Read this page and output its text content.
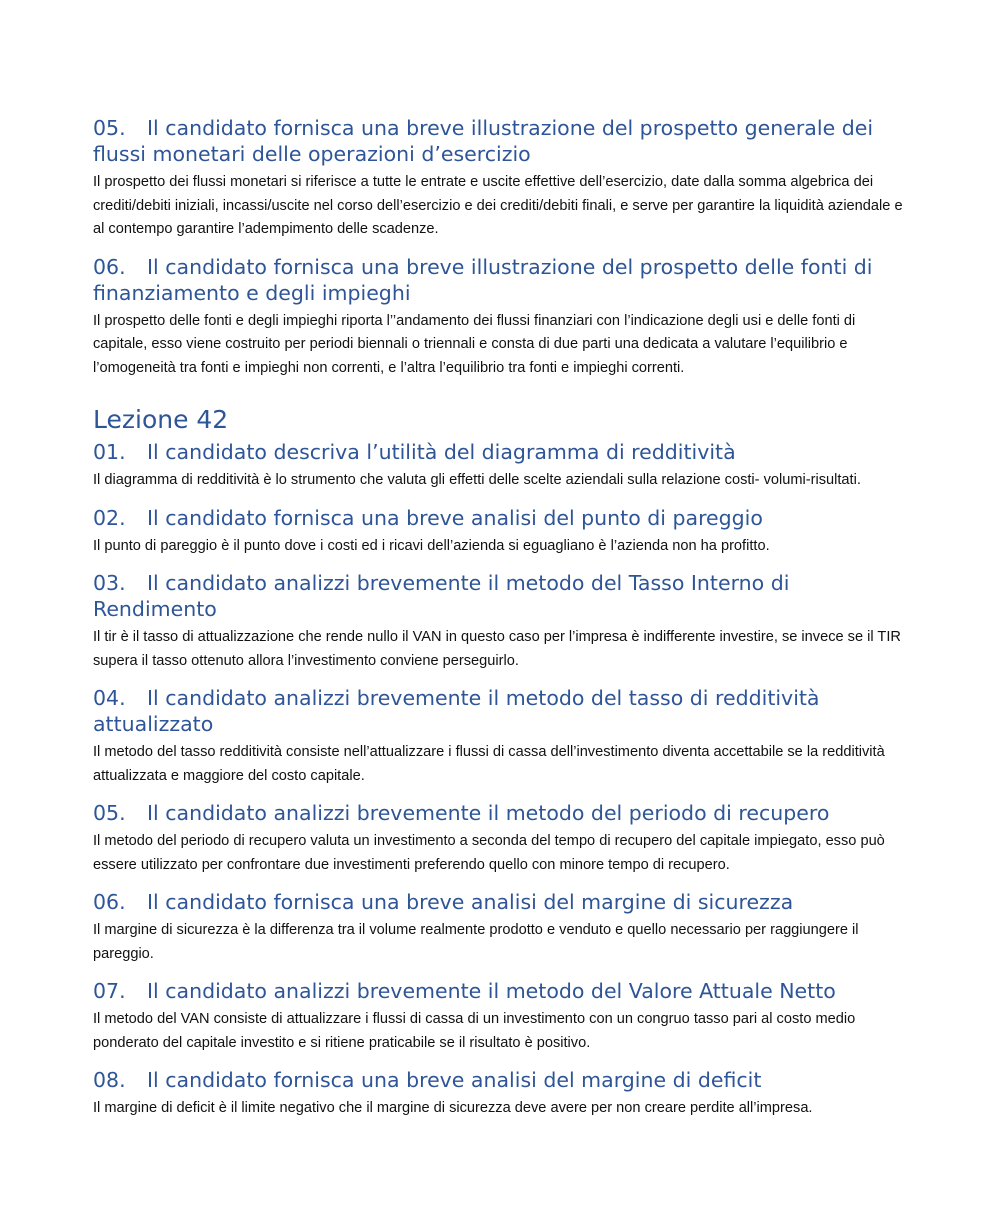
05. Il candidato fornisca una breve illustrazione del prospetto generale dei flussi monetari delle operazioni d’esercizio

Il prospetto dei flussi monetari si riferisce a tutte le entrate e uscite effettive dell’esercizio, date dalla somma algebrica dei crediti/debiti iniziali, incassi/uscite nel corso dell’esercizio e dei crediti/debiti finali, e serve per garantire la liquidità aziendale e al contempo garantire l’adempimento delle scadenze.

06. Il candidato fornisca una breve illustrazione del prospetto delle fonti di finanziamento e degli impieghi

Il prospetto delle fonti e degli impieghi riporta l’’andamento dei flussi finanziari con l’indicazione degli usi e delle fonti di capitale, esso viene costruito per periodi biennali o triennali e consta di due parti una dedicata a valutare l’equilibrio e l’omogeneità tra fonti e impieghi non correnti, e l’altra l’equilibrio tra fonti e impieghi correnti.

Lezione 42
01. Il candidato descriva l’utilità del diagramma di redditività

Il diagramma di redditività è lo strumento che valuta gli effetti delle scelte aziendali sulla relazione costi- volumi-risultati.

02. Il candidato fornisca una breve analisi del punto di pareggio

Il punto di pareggio è il punto dove i costi ed i ricavi dell’azienda si eguagliano è l’azienda non ha profitto.

03. Il candidato analizzi brevemente il metodo del Tasso Interno di Rendimento

Il tir è il tasso di attualizzazione che rende nullo il VAN in questo caso per l’impresa è indifferente investire, se invece se il TIR supera il tasso ottenuto allora l’investimento conviene perseguirlo.

04. Il candidato analizzi brevemente il metodo del tasso di redditività attualizzato

Il metodo del tasso redditività consiste nell’attualizzare i flussi di cassa dell’investimento diventa accettabile se la redditività attualizzata e maggiore del costo capitale.

05. Il candidato analizzi brevemente il metodo del periodo di recupero

Il metodo del periodo di recupero valuta un investimento a seconda del tempo di recupero del capitale impiegato, esso può essere utilizzato per confrontare due investimenti preferendo quello con minore tempo di recupero.

06. Il candidato fornisca una breve analisi del margine di sicurezza

Il margine di sicurezza è la differenza tra il volume realmente prodotto e venduto e quello necessario per raggiungere il pareggio.

07. Il candidato analizzi brevemente il metodo del Valore Attuale Netto

Il metodo del VAN consiste di attualizzare i flussi di cassa di un investimento con un congruo tasso pari al costo medio ponderato del capitale investito e si ritiene praticabile se il risultato è positivo.

08. Il candidato fornisca una breve analisi del margine di deficit

Il margine di deficit è il limite negativo che il margine di sicurezza deve avere per non creare perdite all’impresa.
